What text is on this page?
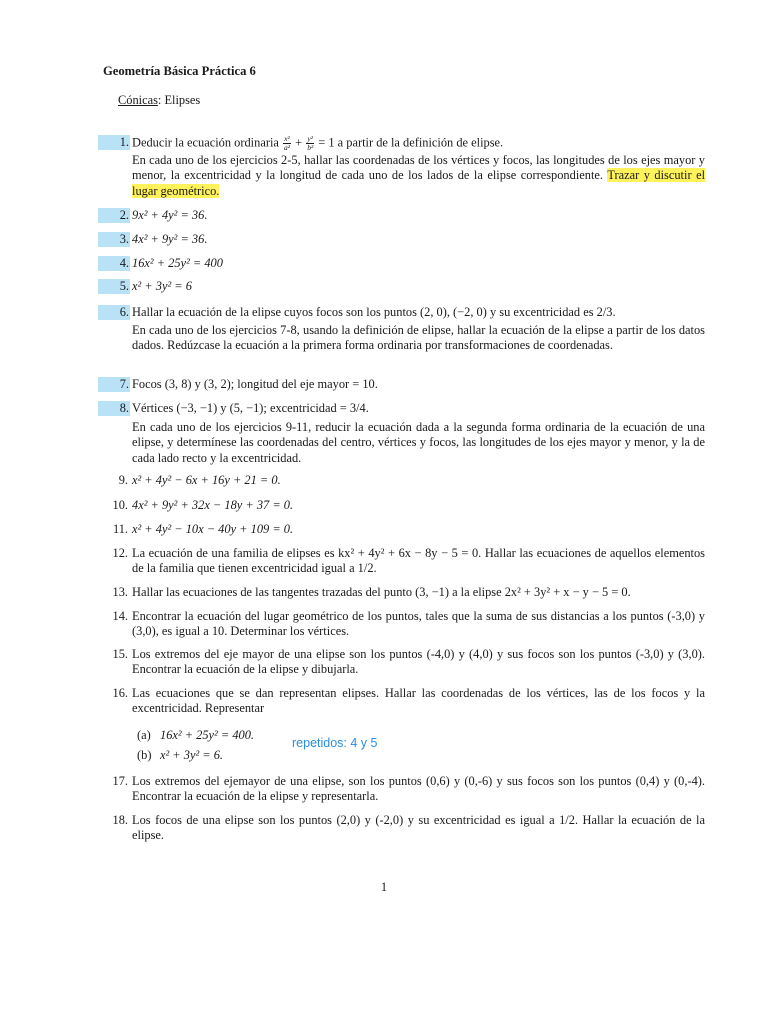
Geometría Básica Práctica 6
Cónicas: Elipses
1. Deducir la ecuación ordinaria $\frac{\text{x²}}{\text{a²}} + \frac{\text{y²}}{\text{b²}} = 1$ a partir de la definición de elipse.
En cada uno de los ejercicios 2-5, hallar las coordenadas de los vértices y focos, las longitudes de los ejes mayor y menor, la excentricidad y la longitud de cada uno de los lados de la elipse correspondiente. Trazar y discutir el lugar geométrico.
2. 9x² + 4y² = 36.
3. 4x² + 9y² = 36.
4. 16x² + 25y² = 400
5. x² + 3y² = 6
6. Hallar la ecuación de la elipse cuyos focos son los puntos (2, 0), (−2, 0) y su excentricidad es 2/3.
En cada uno de los ejercicios 7-8, usando la definición de elipse, hallar la ecuación de la elipse a partir de los datos dados. Redúzcase la ecuación a la primera forma ordinaria por transformaciones de coordenadas.
7. Focos (3, 8) y (3, 2); longitud del eje mayor = 10.
8. Vértices (−3, −1) y (5, −1); excentricidad = 3/4.
En cada uno de los ejercicios 9-11, reducir la ecuación dada a la segunda forma ordinaria de la ecuación de una elipse, y determínese las coordenadas del centro, vértices y focos, las longitudes de los ejes mayor y menor, y la de cada lado recto y la excentricidad.
9. x² + 4y² − 6x + 16y + 21 = 0.
10. 4x² + 9y² + 32x − 18y + 37 = 0.
11. x² + 4y² − 10x − 40y + 109 = 0.
12. La ecuación de una familia de elipses es kx² + 4y² + 6x − 8y − 5 = 0. Hallar las ecuaciones de aquellos elementos de la familia que tienen excentricidad igual a 1/2.
13. Hallar las ecuaciones de las tangentes trazadas del punto (3, −1) a la elipse 2x² + 3y² + x − y − 5 = 0.
14. Encontrar la ecuación del lugar geométrico de los puntos, tales que la suma de sus distancias a los puntos (-3,0) y (3,0), es igual a 10. Determinar los vértices.
15. Los extremos del eje mayor de una elipse son los puntos (-4,0) y (4,0) y sus focos son los puntos (-3,0) y (3,0). Encontrar la ecuación de la elipse y dibujarla.
16. Las ecuaciones que se dan representan elipses. Hallar las coordenadas de los vértices, las de los focos y la excentricidad. Representar
(a) 16x² + 25y² = 400.
(b) x² + 3y² = 6.
repetidos: 4 y 5
17. Los extremos del ejemayor de una elipse, son los puntos (0,6) y (0,-6) y sus focos son los puntos (0,4) y (0,-4). Encontrar la ecuación de la elipse y representarla.
18. Los focos de una elipse son los puntos (2,0) y (-2,0) y su excentricidad es igual a 1/2. Hallar la ecuación de la elipse.
1
